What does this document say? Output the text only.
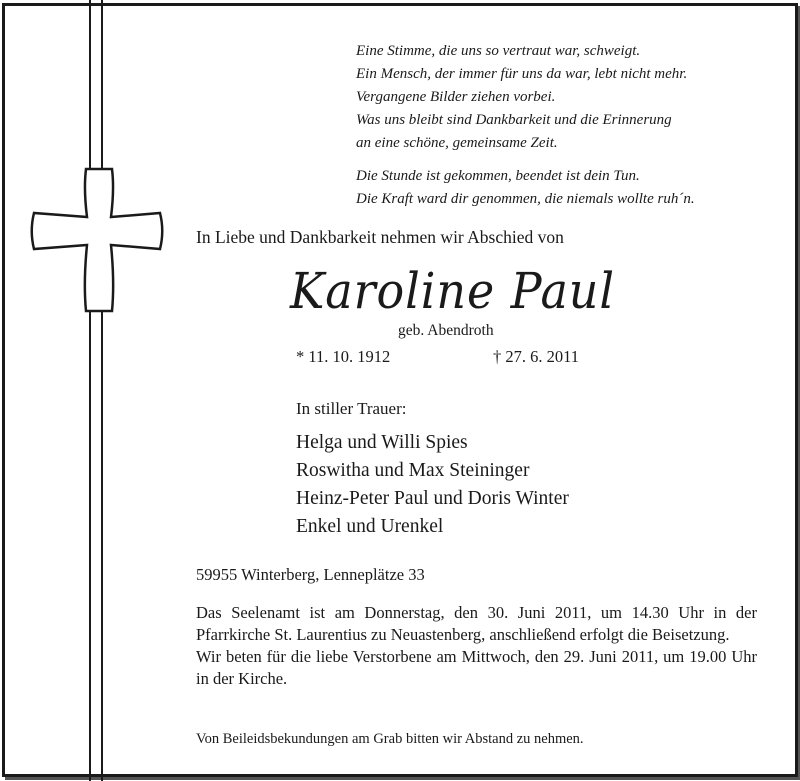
Eine Stimme, die uns so vertraut war, schweigt.

Ein Mensch, der immer für uns da war, lebt nicht mehr.

Vergangene Bilder ziehen vorbei.

Was uns bleibt sind Dankbarkeit und die Erinnerung

an eine schöne, gemeinsame Zeit.

Die Stunde ist gekommen, beendet ist dein Tun.

Die Kraft ward dir genommen, die niemals wollte ruh´n.

In Liebe und Dankbarkeit nehmen wir Abschied von
Karoline Paul
geb. Abendroth
* 11. 10. 1912	† 27. 6. 2011
In stiller Trauer:
Helga und Willi Spies
Roswitha und Max Steininger
Heinz-Peter Paul und Doris Winter
Enkel und Urenkel
59955 Winterberg, Lenneplätze 33

Das Seelenamt ist am Donnerstag, den 30. Juni 2011, um 14.30 Uhr in der Pfarrkirche St. Laurentius zu Neuastenberg, anschließend erfolgt die Beisetzung.

Wir beten für die liebe Verstorbene am Mittwoch, den 29. Juni 2011, um 19.00 Uhr in der Kirche.

Von Beileidsbekundungen am Grab bitten wir Abstand zu nehmen.
